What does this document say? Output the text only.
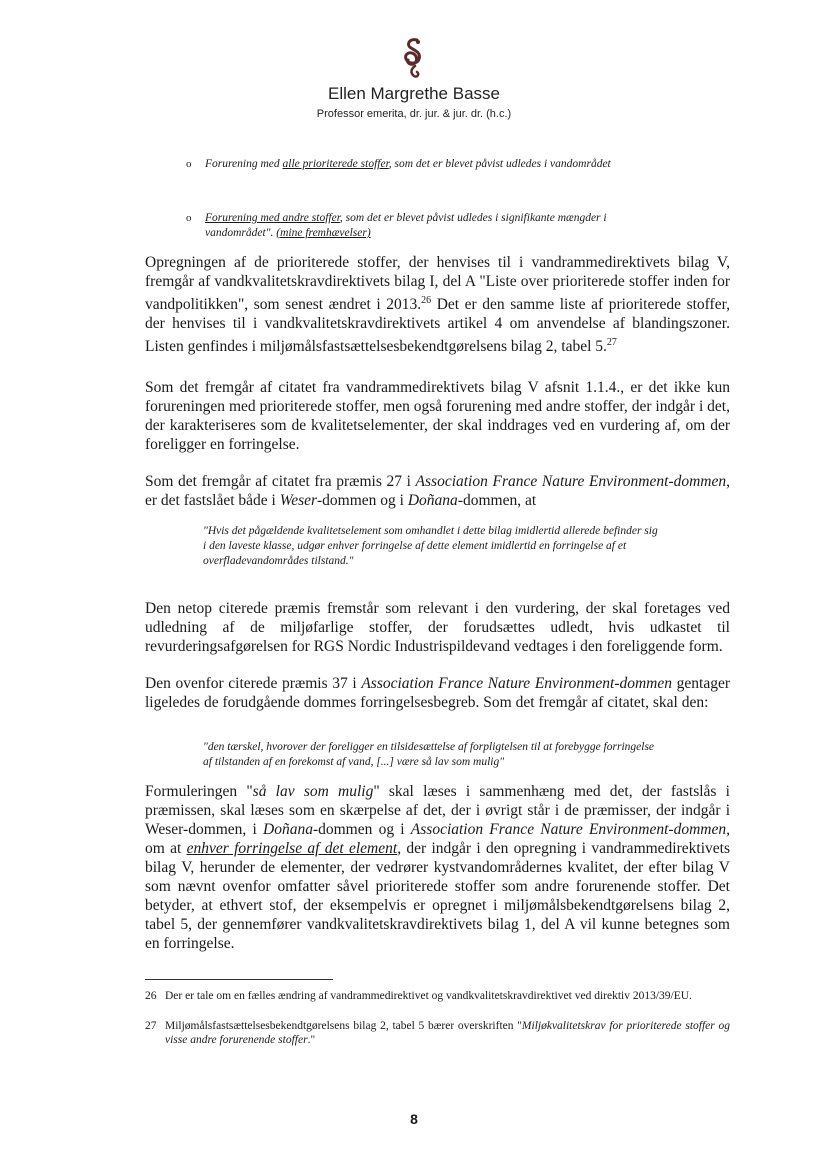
Ellen Margrethe Basse
Professor emerita, dr. jur. & jur. dr. (h.c.)
o Forurening med alle prioriterede stoffer, som det er blevet påvist udledes i vandområdet
o Forurening med andre stoffer, som det er blevet påvist udledes i signifikante mængder i vandområdet". (mine fremhævelser)
Opregningen af de prioriterede stoffer, der henvises til i vandrammedirektivets bilag V, fremgår af vandkvalitetskravdirektivets bilag I, del A "Liste over prioriterede stoffer inden for vandpolitikken", som senest ændret i 2013.26 Det er den samme liste af prioriterede stoffer, der henvises til i vandkvalitetskravdirektivets artikel 4 om anvendelse af blandingszoner. Listen genfindes i miljømålsfastsættelsesbekendtgørelsens bilag 2, tabel 5.27
Som det fremgår af citatet fra vandrammedirektivets bilag V afsnit 1.1.4., er det ikke kun forureningen med prioriterede stoffer, men også forurening med andre stoffer, der indgår i det, der karakteriseres som de kvalitetselementer, der skal inddrages ved en vurdering af, om der foreligger en forringelse.
Som det fremgår af citatet fra præmis 27 i Association France Nature Environment-dommen, er det fastslået både i Weser-dommen og i Doñana-dommen, at
"Hvis det pågældende kvalitetselement som omhandlet i dette bilag imidlertid allerede befinder sig i den laveste klasse, udgør enhver forringelse af dette element imidlertid en forringelse af et overfladevandområdes tilstand."
Den netop citerede præmis fremstår som relevant i den vurdering, der skal foretages ved udledning af de miljøfarlige stoffer, der forudsættes udledt, hvis udkastet til revurderingsafgørelsen for RGS Nordic Industrispildevand vedtages i den foreliggende form.
Den ovenfor citerede præmis 37 i Association France Nature Environment-dommen gentager ligeledes de forudgående dommes forringelsesbegreb. Som det fremgår af citatet, skal den:
"den tærskel, hvorover der foreligger en tilsidesættelse af forpligtelsen til at forebygge forringelse af tilstanden af en forekomst af vand, [...] være så lav som mulig"
Formuleringen "så lav som mulig" skal læses i sammenhæng med det, der fastslås i præmissen, skal læses som en skærpelse af det, der i øvrigt står i de præmisser, der indgår i Weser-dommen, i Doñana-dommen og i Association France Nature Environment-dommen, om at enhver forringelse af det element, der indgår i den opregning i vandrammedirektivets bilag V, herunder de elementer, der vedrører kystvandområdernes kvalitet, der efter bilag V som nævnt ovenfor omfatter såvel prioriterede stoffer som andre forurenende stoffer. Det betyder, at ethvert stof, der eksempelvis er opregnet i miljømålsbekendtgørelsens bilag 2, tabel 5, der gennemfører vandkvalitetskravdirektivets bilag 1, del A vil kunne betegnes som en forringelse.
26 Der er tale om en fælles ændring af vandrammedirektivet og vandkvalitetskravdirektivet ved direktiv 2013/39/EU.
27 Miljømålsfastsættelsesbekendtgørelsens bilag 2, tabel 5 bærer overskriften "Miljøkvalitetskrav for prioriterede stoffer og visse andre forurenende stoffer."
8
